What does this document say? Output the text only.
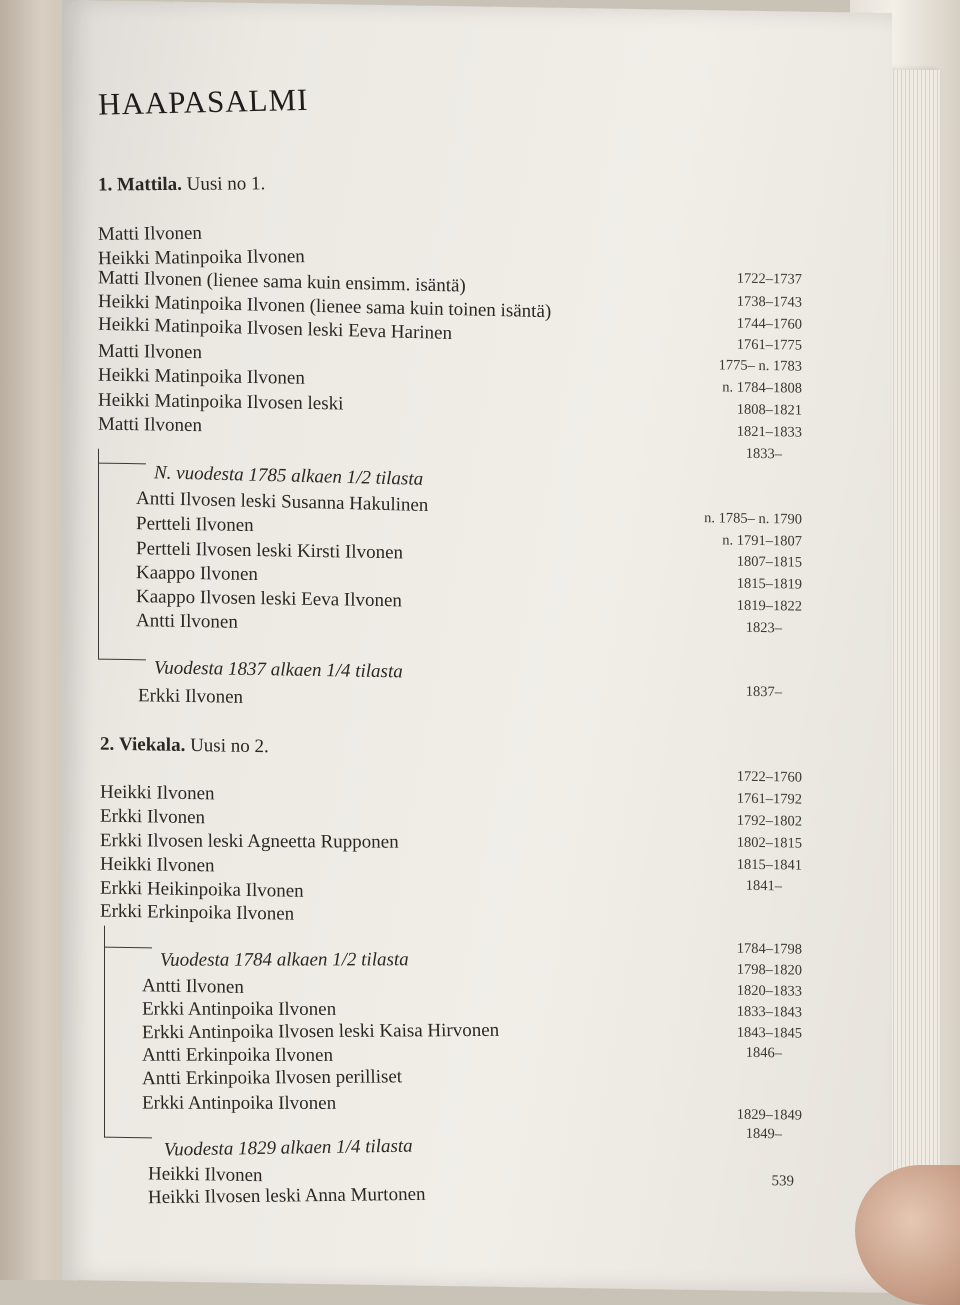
HAAPASALMI
1. Mattila. Uusi no 1.
Matti Ilvonen
Heikki Matinpoika Ilvonen
Matti Ilvonen (lienee sama kuin ensimm. isäntä)
Heikki Matinpoika Ilvonen (lienee sama kuin toinen isäntä)
Heikki Matinpoika Ilvosen leski Eeva Harinen
Matti Ilvonen
Heikki Matinpoika Ilvonen
Heikki Matinpoika Ilvosen leski
Matti Ilvonen
1722–1737
1738–1743
1744–1760
1761–1775
1775– n. 1783
n. 1784–1808
1808–1821
1821–1833
1833–
N. vuodesta 1785 alkaen 1/2 tilasta
Antti Ilvosen leski Susanna Hakulinen
Pertteli Ilvonen
Pertteli Ilvosen leski Kirsti Ilvonen
Kaappo Ilvonen
Kaappo Ilvosen leski Eeva Ilvonen
Antti Ilvonen
n. 1785– n. 1790
n. 1791–1807
1807–1815
1815–1819
1819–1822
1823–
Vuodesta 1837 alkaen 1/4 tilasta
Erkki Ilvonen	1837–
2. Viekala. Uusi no 2.
Heikki Ilvonen
Erkki Ilvonen
Erkki Ilvosen leski Agneetta Rupponen
Heikki Ilvonen
Erkki Heikinpoika Ilvonen
Erkki Erkinpoika Ilvonen
1722–1760
1761–1792
1792–1802
1802–1815
1815–1841
1841–
Vuodesta 1784 alkaen 1/2 tilasta
Antti Ilvonen
Erkki Antinpoika Ilvonen
Erkki Antinpoika Ilvosen leski Kaisa Hirvonen
Antti Erkinpoika Ilvonen
Antti Erkinpoika Ilvosen perilliset
Erkki Antinpoika Ilvonen
1784–1798
1798–1820
1820–1833
1833–1843
1843–1845
1846–
Vuodesta 1829 alkaen 1/4 tilasta
Heikki Ilvonen
Heikki Ilvosen leski Anna Murtonen
1829–1849
1849–
539
